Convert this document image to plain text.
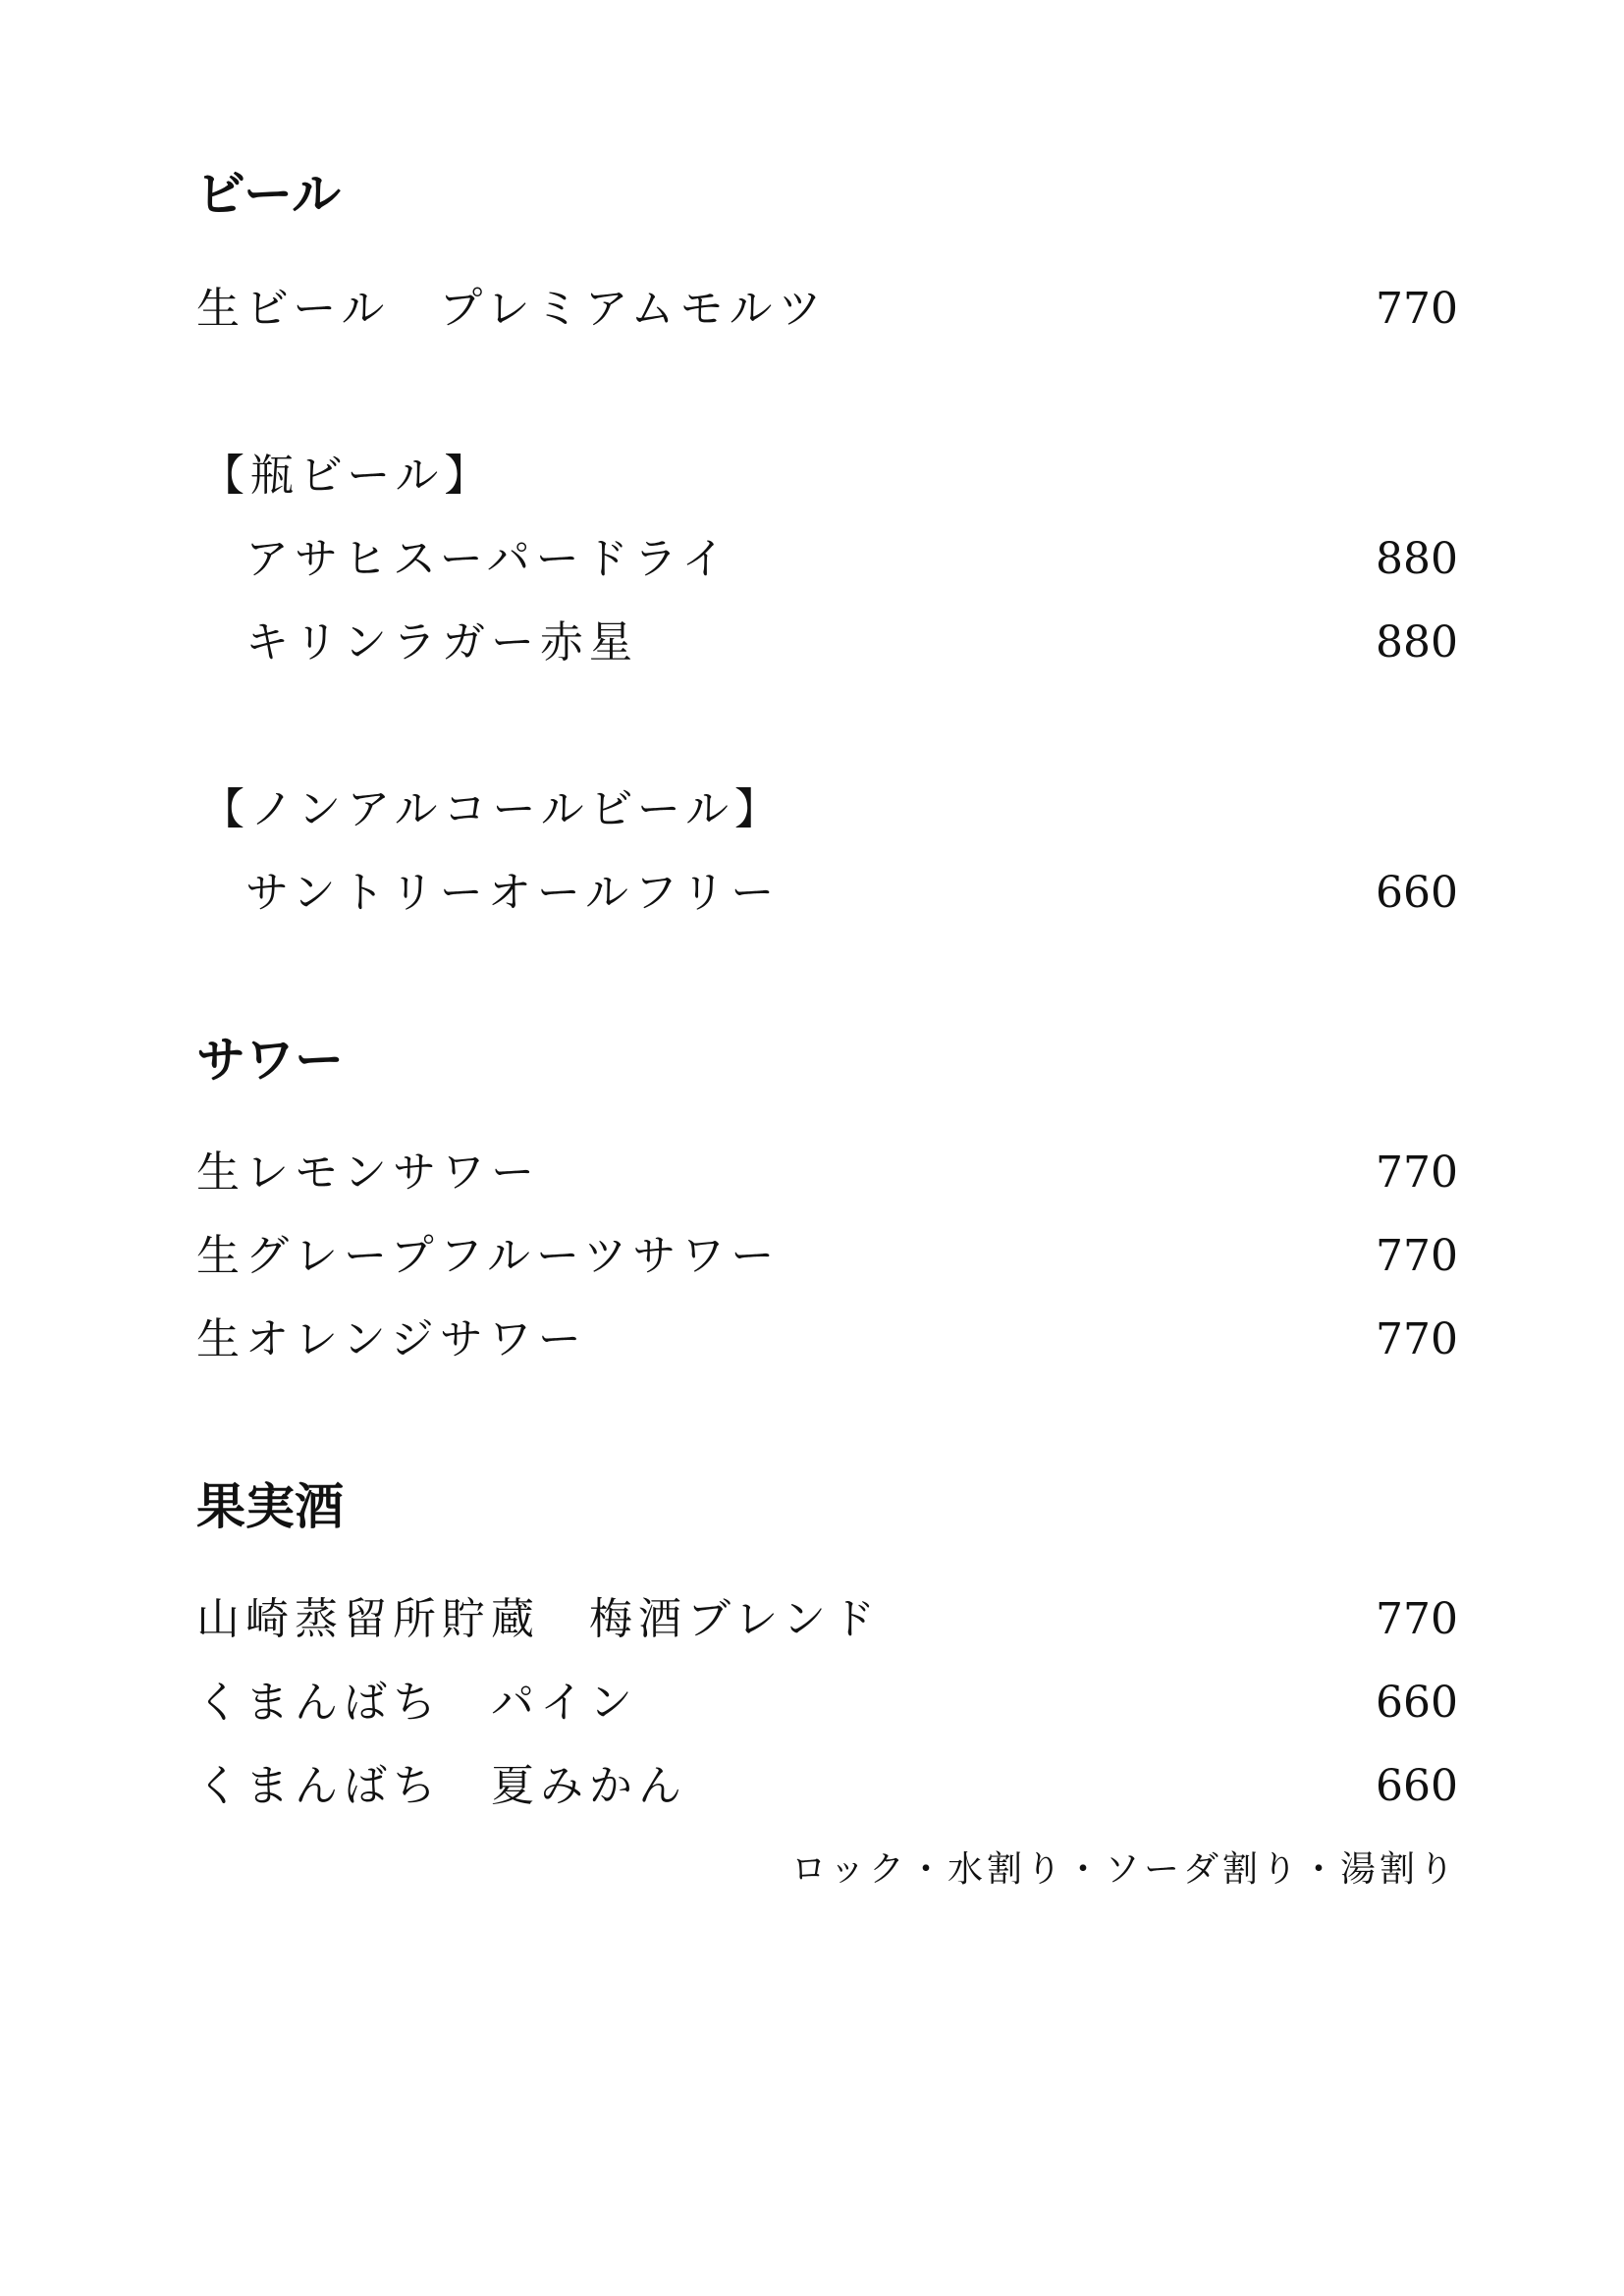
ビール
生ビール　プレミアムモルツ	770
【瓶ビール】
アサヒスーパードライ	880
キリンラガー赤星	880
【ノンアルコールビール】
サントリーオールフリー	660
サワー
生レモンサワー	770
生グレープフルーツサワー	770
生オレンジサワー	770
果実酒
山崎蒸留所貯蔵　梅酒ブレンド	770
くまんばち　パイン	660
くまんばち　夏みかん	660
ロック・水割り・ソーダ割り・湯割り
